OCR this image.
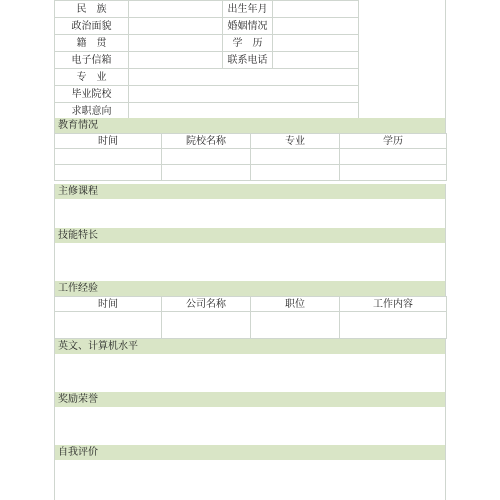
民　族		出生年月	
政治面貌		婚姻情况	
籍　贯		学　历	
电子信箱		联系电话	
专　业			
毕业院校			
求职意向			
教育情况
时间	院校名称	专业	学历

主修课程
技能特长
工作经验
时间	公司名称	职位	工作内容

英文、计算机水平
奖励荣誉
自我评价
